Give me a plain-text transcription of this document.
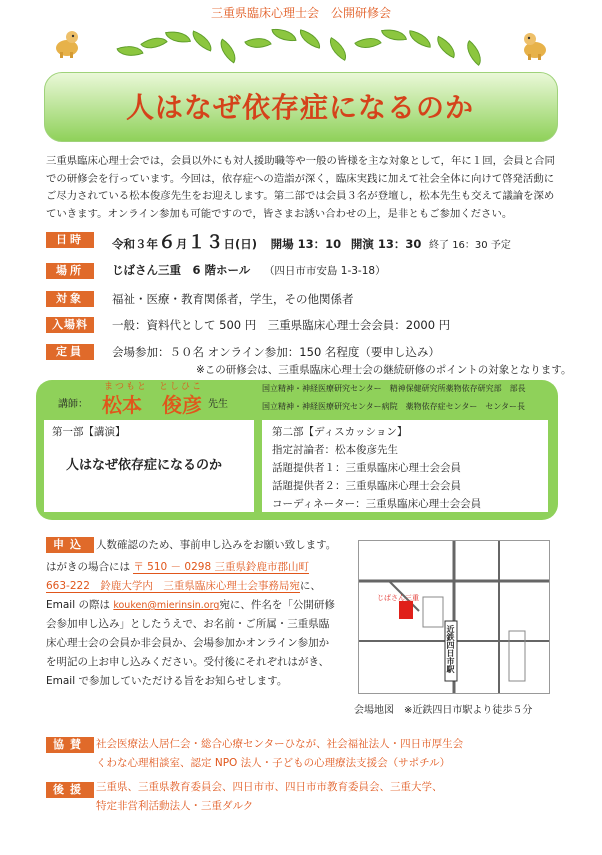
三重県臨床心理士会　公開研修会
人はなぜ依存症になるのか
三重県臨床心理士会では，会員以外にも対人援助職等や一般の皆様を主な対象として，年に１回，会員と合同での研修会を行っています。今回は，依存症への造詣が深く，臨床実践に加えて社会全体に向けて啓発活動にご尽力されている松本俊彦先生をお迎えします。第二部では会員３名が登壇し，松本先生も交えて議論を深めていきます。オンライン参加も可能ですので，皆さまお誘い合わせの上，是非ともご参加ください。
日時	令和３年６月１３日(日) 開場 13：10 開演 13：30 終了 16：30 予定
場所	じばさん三重　6 階ホール （四日市市安島 1-3-18）
対象	福祉・医療・教育関係者，学生，その他関係者
入場料	一般：資料代として 500 円　三重県臨床心理士会会員：2000 円
定員	会場参加：５０名 オンライン参加：150 名程度（要申し込み）
※この研修会は、三重県臨床心理士会の継続研修のポイントの対象となります。
講師：
まつもと　としひこ
松本　俊彦 先生
国立精神・神経医療研究センター　精神保健研究所薬物依存研究部　部長
国立精神・神経医療研究センター病院　薬物依存症センター　センター長
第一部【講演】
人はなぜ依存症になるのか
第二部【ディスカッション】
指定討論者：松本俊彦先生
話題提供者１：三重県臨床心理士会会員
話題提供者２：三重県臨床心理士会会員
コーディネーター：三重県臨床心理士会会員
申込 人数確認のため、事前申し込みをお願い致します。
はがきの場合には 〒 510 － 0298 三重県鈴鹿市郡山町
663-222　鈴鹿大学内　三重県臨床心理士会事務局宛に、
Email の際は kouken@mierinsin.org宛に、件名を「公開研修
会参加申し込み」としたうえで、お名前・ご所属・三重県臨
床心理士会の会員か非会員か、会場参加かオンライン参加か
を明記の上お申し込みください。受付後にそれぞれはがき、
Email で参加していただける旨をお知らせします。
じばさん三重
近鉄四日市駅
会場地図　※近鉄四日市駅より徒歩５分
協賛 社会医療法人居仁会・総合心療センターひなが、社会福祉法人・四日市厚生会
くわな心理相談室、認定 NPO 法人・子どもの心理療法支援会（サポチル）
後援 三重県、三重県教育委員会、四日市市、四日市市教育委員会、三重大学、
特定非営利活動法人・三重ダルク
